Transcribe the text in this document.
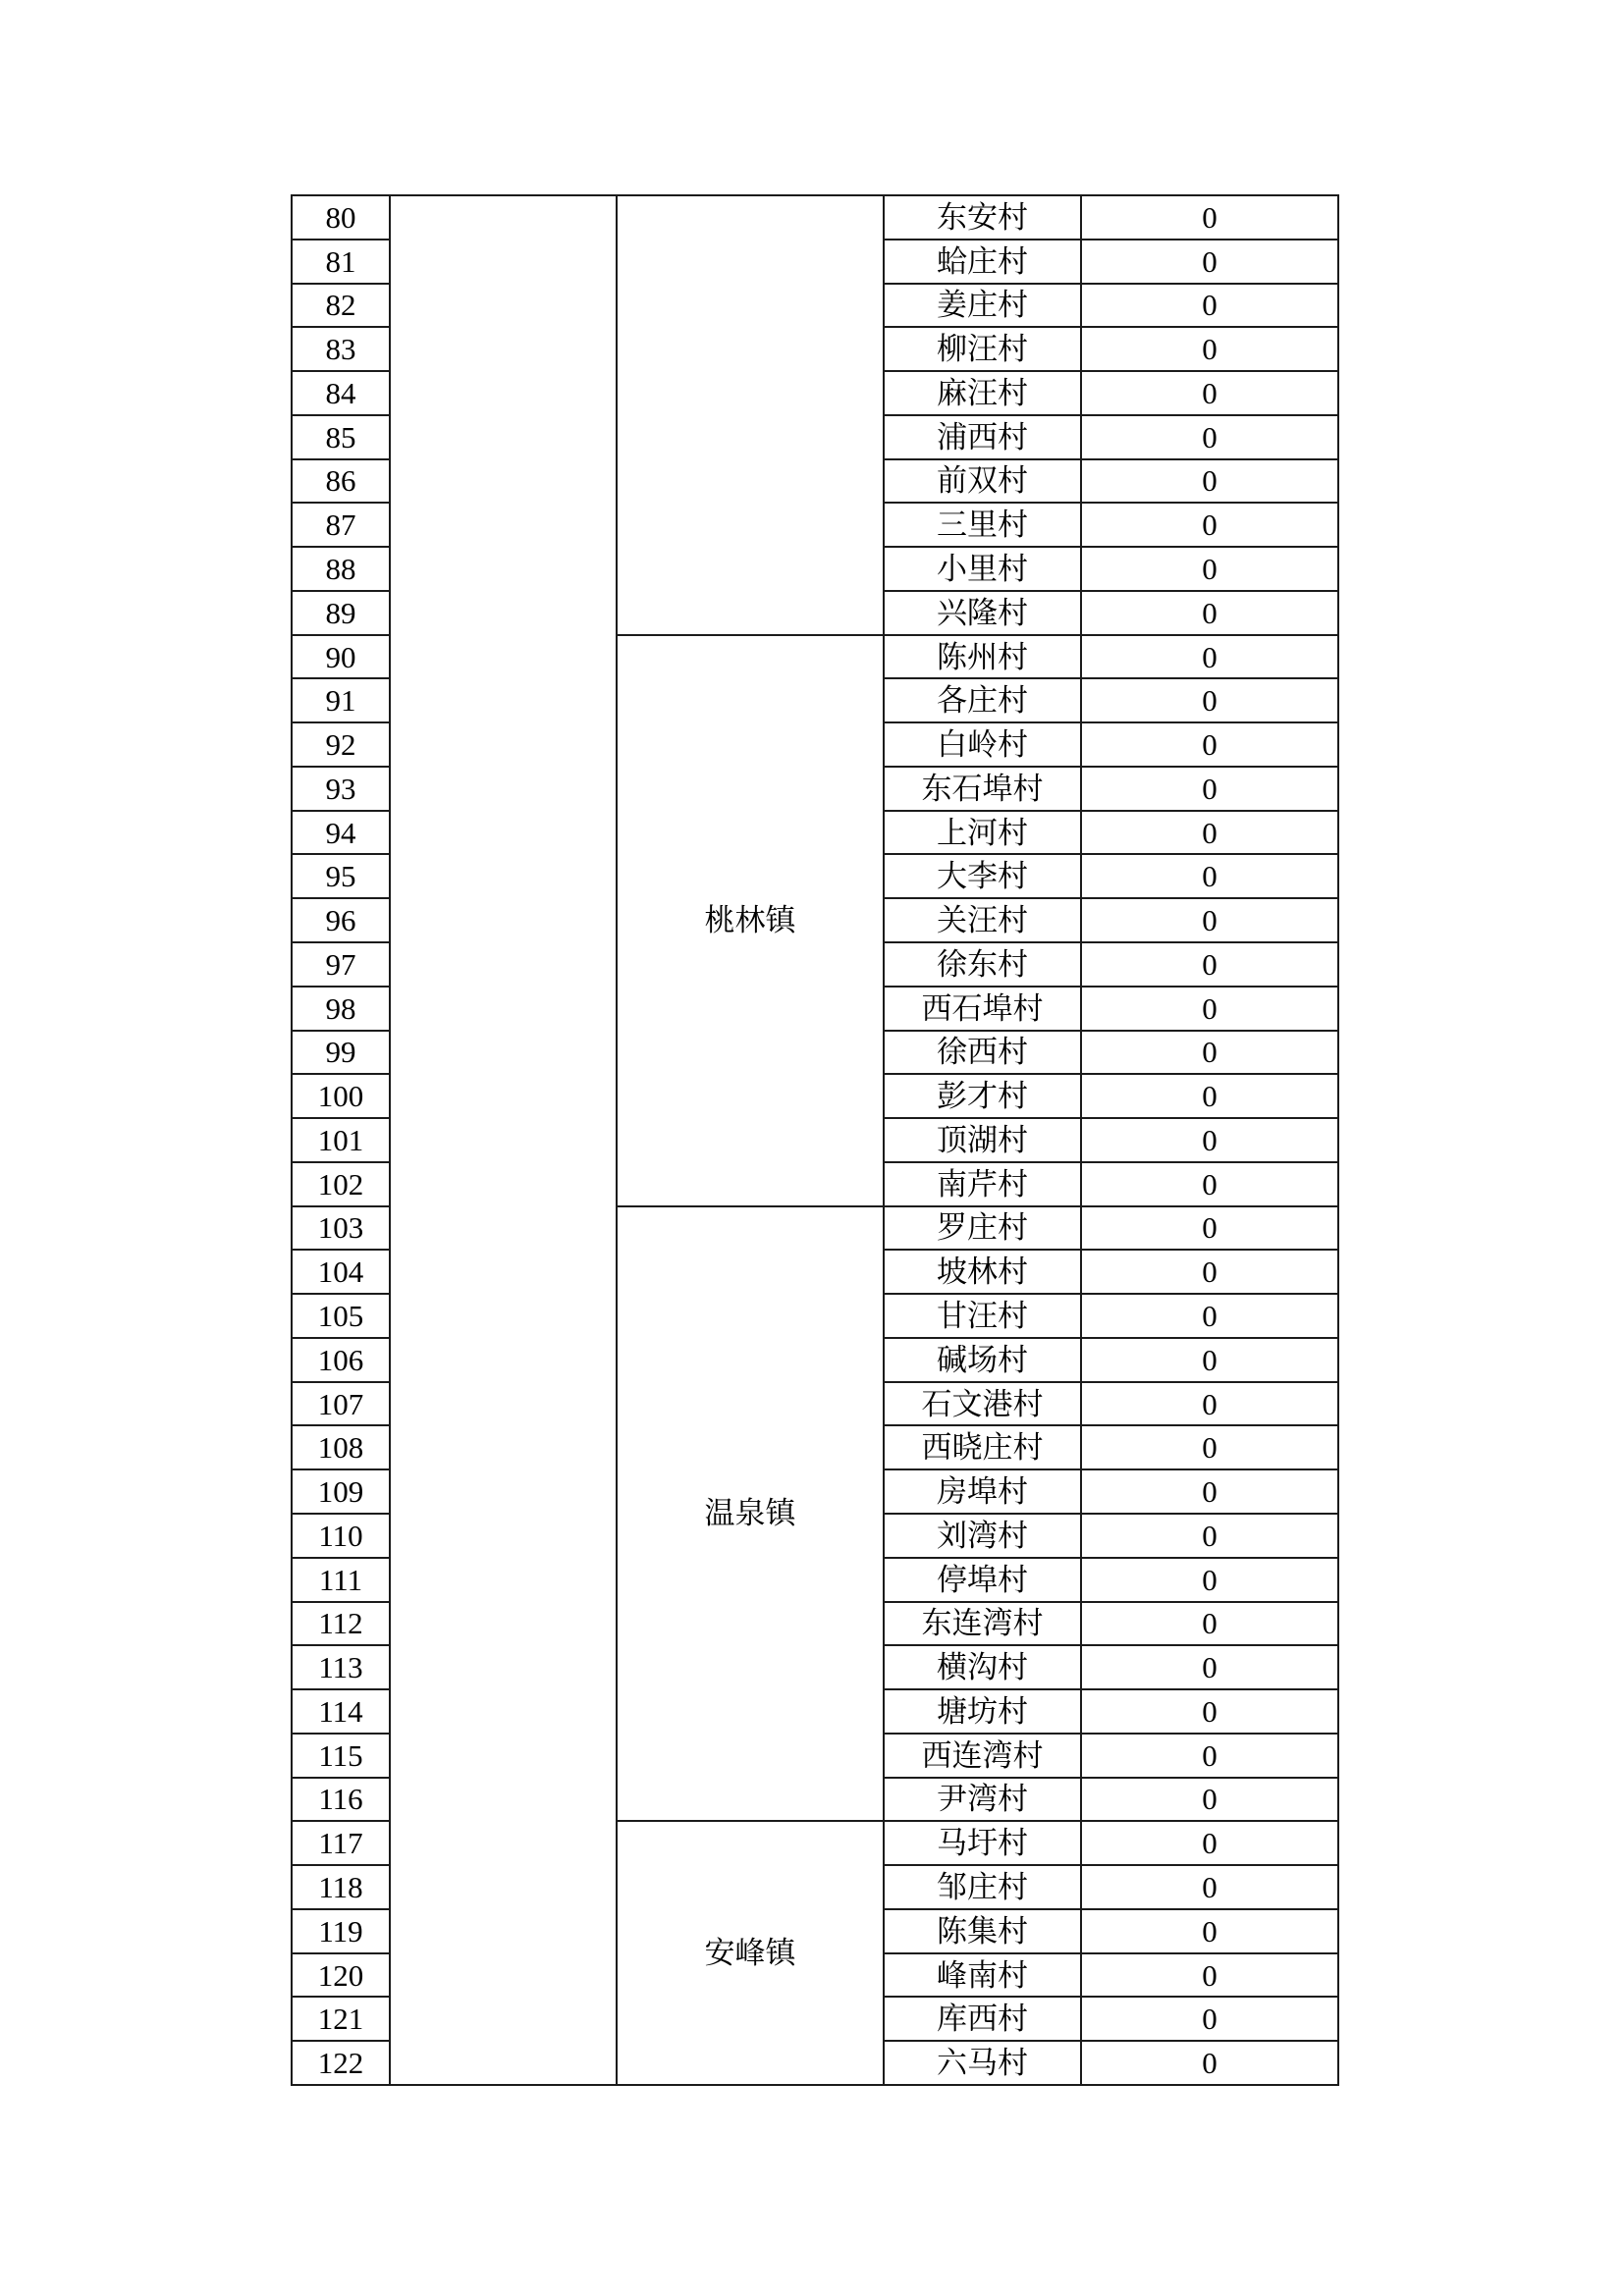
80			东安村	0
81			蛤庄村	0
82			姜庄村	0
83			柳汪村	0
84			麻汪村	0
85			浦西村	0
86			前双村	0
87			三里村	0
88			小里村	0
89			兴隆村	0
90		桃林镇	陈州村	0
91			各庄村	0
92			白岭村	0
93			东石埠村	0
94			上河村	0
95			大李村	0
96			关汪村	0
97			徐东村	0
98			西石埠村	0
99			徐西村	0
100			彭才村	0
101			顶湖村	0
102			南芹村	0
103		温泉镇	罗庄村	0
104			坡林村	0
105			甘汪村	0
106			碱场村	0
107			石文港村	0
108			西晓庄村	0
109			房埠村	0
110			刘湾村	0
111			停埠村	0
112			东连湾村	0
113			横沟村	0
114			塘坊村	0
115			西连湾村	0
116			尹湾村	0
117		安峰镇	马圩村	0
118			邹庄村	0
119			陈集村	0
120			峰南村	0
121			库西村	0
122			六马村	0
